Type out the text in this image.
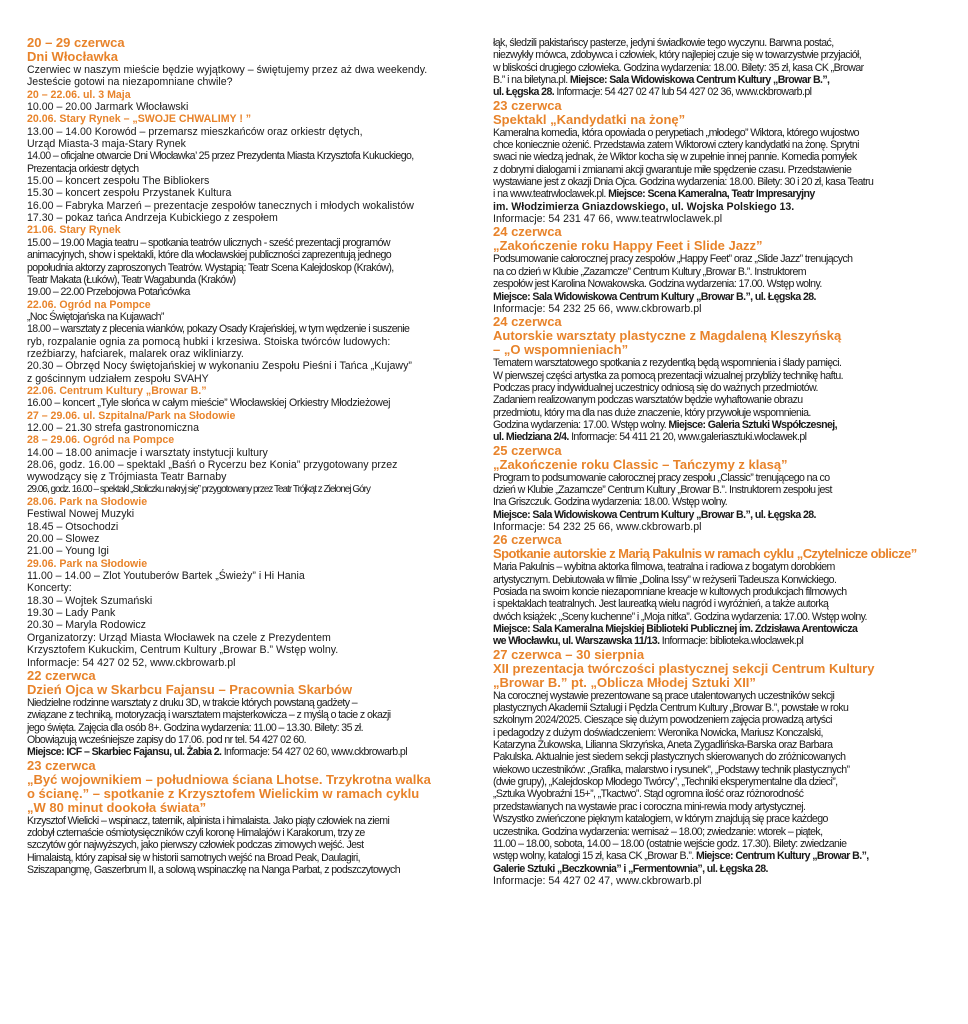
20 – 29 czerwca
Dni Włocławka
Czerwiec w naszym mieście będzie wyjątkowy – świętujemy przez aż dwa weekendy.
Jesteście gotowi na niezapomniane chwile?
20 – 22.06. ul. 3 Maja
10.00 – 20.00 Jarmark Włocławski
20.06. Stary Rynek – „SWOJE CHWALIMY ! ”
13.00 – 14.00 Korowód – przemarsz mieszkańców oraz orkiestr dętych,
Urząd Miasta-3 maja-Stary Rynek
14.00 – oficjalne otwarcie Dni Włocławka’ 25 przez Prezydenta Miasta Krzysztofa Kukuckiego,
Prezentacja orkiestr dętych
15.00 – koncert zespołu The Bibliokers
15.30 – koncert zespołu Przystanek Kultura
16.00 – Fabryka Marzeń – prezentacje zespołów tanecznych i młodych wokalistów
17.30 – pokaz tańca Andrzeja Kubickiego z zespołem
21.06. Stary Rynek
15.00 – 19.00 Magia teatru – spotkania teatrów ulicznych - sześć prezentacji programów
animacyjnych, show i spektakli, które dla włocławskiej publiczności zaprezentują jednego
popołudnia aktorzy zaproszonych Teatrów. Wystąpią: Teatr Scena Kalejdoskop (Kraków),
Teatr Makata (Łuków), Teatr Wagabunda (Kraków)
19.00 – 22.00 Przebojowa Potańcówka
22.06. Ogród na Pompce
„Noc Świętojańska na Kujawach”
18.00 – warsztaty z plecenia wianków, pokazy Osady Krajeńskiej, w tym wędzenie i suszenie
ryb, rozpalanie ognia za pomocą hubki i krzesiwa. Stoiska twórców ludowych:
rzeźbiarzy, hafciarek, malarek oraz wikliniarzy.
20.30 – Obrzęd Nocy świętojańskiej w wykonaniu Zespołu Pieśni i Tańca „Kujawy”
z gościnnym udziałem zespołu SVAHY
22.06. Centrum Kultury „Browar B.”
16.00 – koncert „Tyle słońca w całym mieście” Włocławskiej Orkiestry Młodzieżowej
27 – 29.06. ul. Szpitalna/Park na Słodowie
12.00 – 21.30 strefa gastronomiczna
28 – 29.06. Ogród na Pompce
14.00 – 18.00 animacje i warsztaty instytucji kultury
28.06, godz. 16.00 – spektakl „Baśń o Rycerzu bez Konia” przygotowany przez
wywodzący się z Trójmiasta Teatr Barnaby
29.06, godz. 16.00 – spektakl „Stoliczku nakryj się” przygotowany przez Teatr Trójkąt z Zielonej Góry
28.06. Park na Słodowie
Festiwal Nowej Muzyki
18.45 – Otsochodzi
20.00 – Slowez
21.00 – Young Igi
29.06. Park na Słodowie
11.00 – 14.00 – Zlot Youtuberów Bartek „Świeży” i Hi Hania
Koncerty:
18.30 – Wojtek Szumański
19.30 – Lady Pank
20.30 – Maryla Rodowicz
Organizatorzy: Urząd Miasta Włocławek na czele z Prezydentem
Krzysztofem Kukuckim, Centrum Kultury „Browar B.” Wstęp wolny.
Informacje: 54 427 02 52, www.ckbrowarb.pl
22 czerwca
Dzień Ojca w Skarbcu Fajansu – Pracownia Skarbów
Niedzielne rodzinne warsztaty z druku 3D, w trakcie których powstaną gadżety –
związane z techniką, motoryzacją i warsztatem majsterkowicza – z myślą o tacie z okazji
jego święta. Zajęcia dla osób 8+. Godzina wydarzenia: 11.00 – 13.30. Bilety: 35 zł.
Obowiązują wcześniejsze zapisy do 17.06. pod nr tel. 54 427 02 60.
Miejsce: ICF – Skarbiec Fajansu, ul. Żabia 2. Informacje: 54 427 02 60, www.ckbrowarb.pl
23 czerwca
„Być wojownikiem – południowa ściana Lhotse. Trzykrotna walka
o ścianę.” – spotkanie z Krzysztofem Wielickim w ramach cyklu
„W 80 minut dookoła świata”
Krzysztof Wielicki – wspinacz, taternik, alpinista i himalaista. Jako piąty człowiek na ziemi
zdobył czternaście ośmiotysięczników czyli koronę Himalajów i Karakorum, trzy ze
szczytów gór najwyższych, jako pierwszy człowiek podczas zimowych wejść. Jest
Himalaistą, który zapisał się w historii samotnych wejść na Broad Peak, Daulagiri,
Sziszapangmę, Gaszerbrum II, a solową wspinaczkę na Nanga Parbat, z podszczytowych
łąk, śledzili pakistańscy pasterze, jedyni świadkowie tego wyczynu. Barwna postać,
niezwykły mówca, zdobywca i człowiek, który najlepiej czuje się w towarzystwie przyjaciół,
w bliskości drugiego człowieka. Godzina wydarzenia: 18.00. Bilety: 35 zł, kasa CK „Browar
B.” i na biletyna.pl. Miejsce: Sala Widowiskowa Centrum Kultury „Browar B.”,
ul. Łęgska 28. Informacje: 54 427 02 47 lub 54 427 02 36, www.ckbrowarb.pl
23 czerwca
Spektakl „Kandydatki na żonę”
Kameralna komedia, która opowiada o perypetiach „młodego” Wiktora, którego wujostwo
chce koniecznie ożenić. Przedstawia zatem Wiktorowi cztery kandydatki na żonę. Sprytni
swaci nie wiedzą jednak, że Wiktor kocha się w zupełnie innej pannie. Komedia pomyłek
z dobrymi dialogami i zmianami akcji gwarantuje miłe spędzenie czasu. Przedstawienie
wystawiane jest z okazji Dnia Ojca. Godzina wydarzenia: 18.00. Bilety: 30 i 20 zł, kasa Teatru
i na www.teatrwloclawek.pl. Miejsce: Scena Kameralna, Teatr Impresaryjny
im. Włodzimierza Gniazdowskiego, ul. Wojska Polskiego 13.
Informacje: 54 231 47 66, www.teatrwloclawek.pl
24 czerwca
„Zakończenie roku Happy Feet i Slide Jazz”
Podsumowanie całorocznej pracy zespołów „Happy Feet” oraz „Slide Jazz” trenujących
na co dzień w Klubie „Zazamcze” Centrum Kultury „Browar B.”. Instruktorem
zespołów jest Karolina Nowakowska. Godzina wydarzenia: 17.00. Wstęp wolny.
Miejsce: Sala Widowiskowa Centrum Kultury „Browar B.”, ul. Łęgska 28.
Informacje: 54 232 25 66, www.ckbrowarb.pl
24 czerwca
Autorskie warsztaty plastyczne z Magdaleną Kleszyńską
– „O wspomnieniach”
Tematem warsztatowego spotkania z rezydentką będą wspomnienia i ślady pamięci.
W pierwszej części artystka za pomocą prezentacji wizualnej przybliży technikę haftu.
Podczas pracy indywidualnej uczestnicy odniosą się do ważnych przedmiotów.
Zadaniem realizowanym podczas warsztatów będzie wyhaftowanie obrazu
przedmiotu, który ma dla nas duże znaczenie, który przywołuje wspomnienia.
Godzina wydarzenia: 17.00. Wstęp wolny. Miejsce: Galeria Sztuki Współczesnej,
ul. Miedziana 2/4. Informacje: 54 411 21 20, www.galeriasztuki.wloclawek.pl
25 czerwca
„Zakończenie roku Classic – Tańczymy z klasą”
Program to podsumowanie całorocznej pracy zespołu „Classic” trenującego na co
dzień w Klubie „Zazamcze” Centrum Kultury „Browar B.”. Instruktorem zespołu jest
Ina Griszczuk. Godzina wydarzenia: 18.00. Wstęp wolny.
Miejsce: Sala Widowiskowa Centrum Kultury „Browar B.”, ul. Łęgska 28.
Informacje: 54 232 25 66, www.ckbrowarb.pl
26 czerwca
Spotkanie autorskie z Marią Pakulnis w ramach cyklu „Czytelnicze oblicze”
Maria Pakulnis – wybitna aktorka filmowa, teatralna i radiowa z bogatym dorobkiem
artystycznym. Debiutowała w filmie „Dolina Issy” w reżyserii Tadeusza Konwickiego.
Posiada na swoim koncie niezapomniane kreacje w kultowych produkcjach filmowych
i spektaklach teatralnych. Jest laureatką wielu nagród i wyróżnień, a także autorką
dwóch książek: „Sceny kuchenne” i „Moja nitka”. Godzina wydarzenia: 17.00. Wstęp wolny.
Miejsce: Sala Kameralna Miejskiej Biblioteki Publicznej im. Zdzisława Arentowicza
we Włocławku, ul. Warszawska 11/13. Informacje: biblioteka.wloclawek.pl
27 czerwca – 30 sierpnia
XII prezentacja twórczości plastycznej sekcji Centrum Kultury
„Browar B.” pt. „Oblicza Młodej Sztuki XII”
Na corocznej wystawie prezentowane są prace utalentowanych uczestników sekcji
plastycznych Akademii Sztalugi i Pędzla Centrum Kultury „Browar B.”, powstałe w roku
szkolnym 2024/2025. Cieszące się dużym powodzeniem zajęcia prowadzą artyści
i pedagodzy z dużym doświadczeniem: Weronika Nowicka, Mariusz Konczalski,
Katarzyna Żukowska, Lilianna Skrzyńska, Aneta Zygadlińska-Barska oraz Barbara
Pakulska. Aktualnie jest siedem sekcji plastycznych skierowanych do zróżnicowanych
wiekowo uczestników: „Grafika, malarstwo i rysunek”, „Podstawy technik plastycznych”
(dwie grupy), „Kalejdoskop Młodego Twórcy”, „Techniki eksperymentalne dla dzieci”,
„Sztuka Wyobraźni 15+”, „Tkactwo”. Stąd ogromna ilość oraz różnorodność
przedstawianych na wystawie prac i coroczna mini-rewia mody artystycznej.
Wszystko zwieńczone pięknym katalogiem, w którym znajdują się prace każdego
uczestnika. Godzina wydarzenia: wernisaż – 18.00; zwiedzanie: wtorek – piątek,
11.00 – 18.00, sobota, 14.00 – 18.00 (ostatnie wejście godz. 17.30). Bilety: zwiedzanie
wstęp wolny, katalogi 15 zł, kasa CK „Browar B.”. Miejsce: Centrum Kultury „Browar B.”,
Galerie Sztuki „Beczkownia” i „Fermentownia”, ul. Łęgska 28.
Informacje: 54 427 02 47, www.ckbrowarb.pl
